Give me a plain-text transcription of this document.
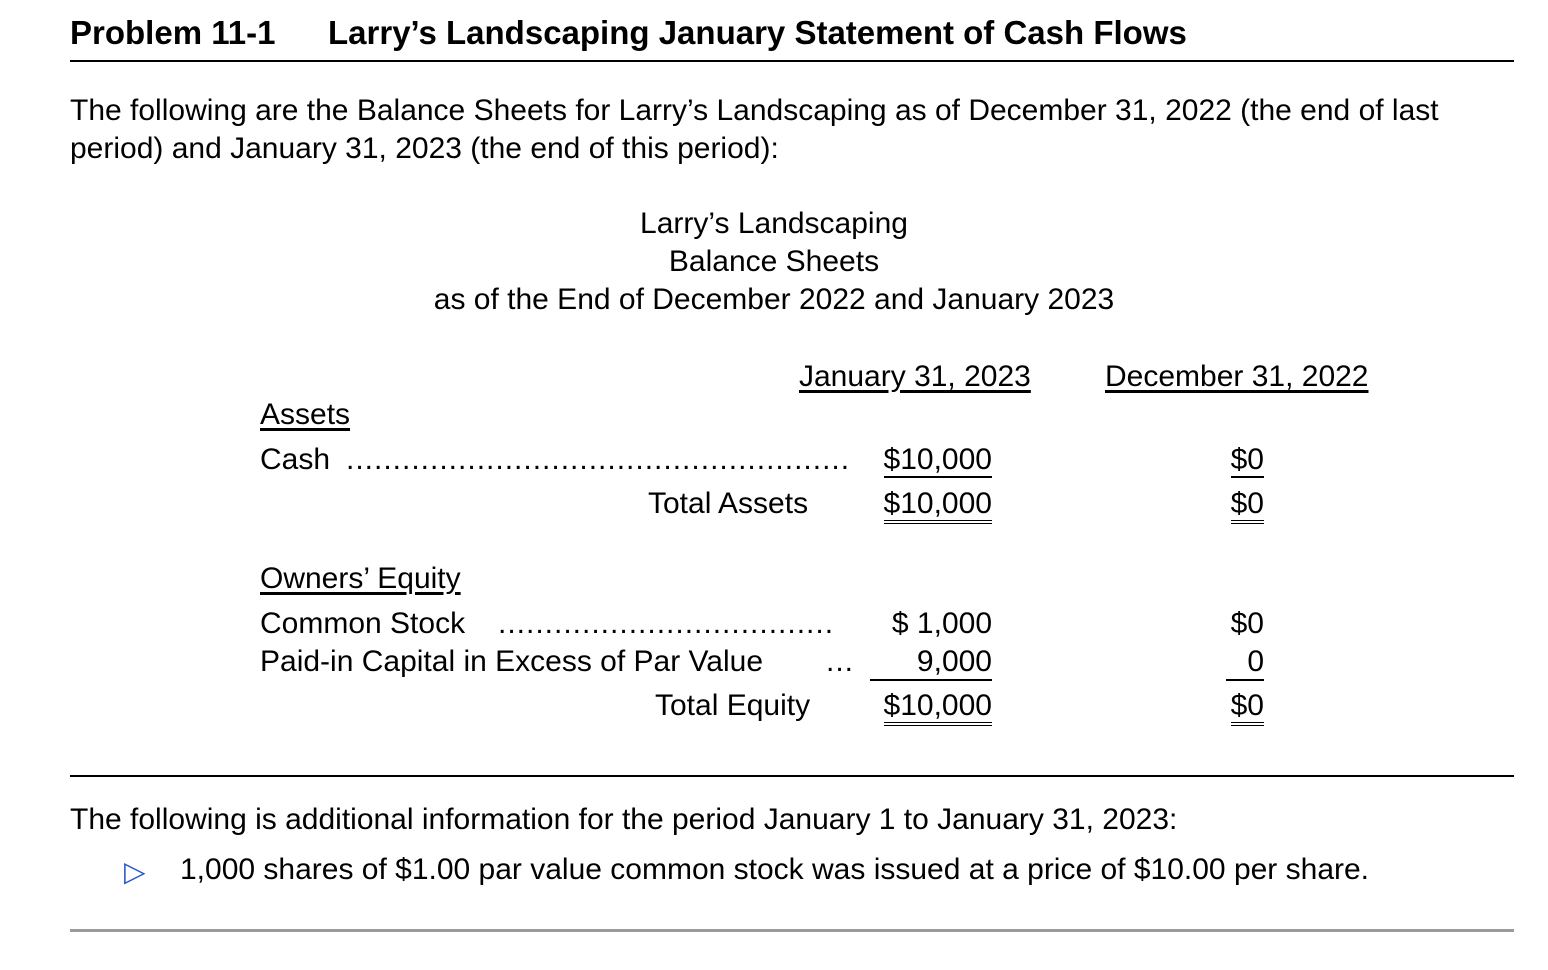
Problem 11-1 Larry’s Landscaping January Statement of Cash Flows
The following are the Balance Sheets for Larry’s Landscaping as of December 31, 2022 (the end of last period) and January 31, 2023 (the end of this period):
Larry’s Landscaping
Balance Sheets
as of the End of December 2022 and January 2023
January 31, 2023 December 31, 2022
Assets
Cash ......................................................	$10,000	$0
Total Assets	$10,000	$0
Owners’ Equity
Common Stock ....................................	$ 1,000	$0
Paid-in Capital in Excess of Par Value ...	9,000	0
Total Equity	$10,000	$0
The following is additional information for the period January 1 to January 31, 2023:
▷ 1,000 shares of $1.00 par value common stock was issued at a price of $10.00 per share.
